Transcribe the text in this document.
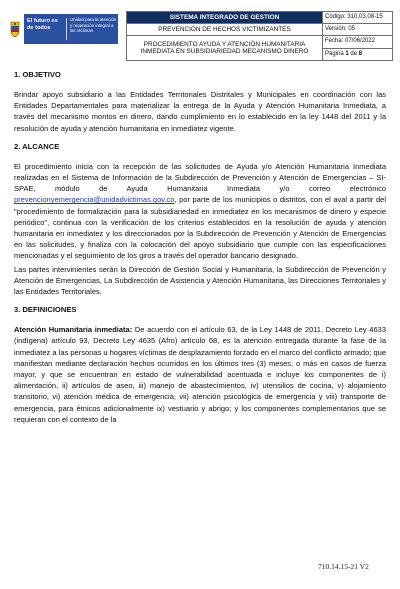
El futuro es de todos
Unidad para la atención y reparación integral a las víctimas
SISTEMA INTEGRADO DE GESTION	Código: 310,03,08-15
PREVENCIÓN DE HECHOS VICTIMIZANTES	Versión: 05
PROCEDIMIENTO AYUDA Y ATENCIÓN HUMANITARIA INMEDIATA EN SUBSIDIARIEDAD MECANISMO DINERO	Fecha: 07/06/2022
	Página 1 de 8
1. OBJETIVO

Brindar apoyo subsidiario a las Entidades Territoriales Distritales y Municipales en coordinación con las Entidades Departamentales para materializar la entrega de la Ayuda y Atención Humanitaria Inmediata, a través del mecanismo montos en dinero, dando cumplimiento en lo establecido en la ley 1448 del 2011 y la resolución de ayuda y atención humanitaria en inmediatez vigente.

2. ALCANCE

El procedimiento inicia con la recepción de las solicitudes de Ayuda y/o Atención Humanitaria Inmediata realizadas en el Sistema de Información de la Subdirección de Prevención y Atención de Emergencias – SI-SPAE, módulo de Ayuda Humanitaria Inmediata y/o correo electrónico prevencionyemergencia@unidadvictimas.gov.co, por parte de los municipios o distritos, con el aval a partir del "procedimiento de formalización para la subsidiariedad en inmediatez en los mecanismos de dinero y especie periódico", continua con la verificación de los criterios establecidos en la resolución de ayuda y atención humanitaria en inmediatez y los direccionados por la Subdirección de Prevención y Atención de Emergencias en las solicitudes, y finaliza con la colocación del apoyo subsidiario que cumple con las especificaciones mencionadas y el seguimiento de los giros a través del operador bancario designado.

Las partes intervinientes serán la Dirección de Gestión Social y Humanitaria, la Subdirección de Prevención y Atención de Emergencias, La Subdirección de Asistencia y Atención Humanitaria, las Direcciones Territoriales y las Entidades Territoriales.

3. DEFINICIONES

Atención Humanitaria inmediata: De acuerdo con el artículo 63, de la Ley 1448 de 2011, Decreto Ley 4633 (indígena) artículo 93, Decreto Ley 4635 (Afro) artículo 68, es la atención entregada durante la fase de la inmediatez a las personas u hogares víctimas de desplazamiento forzado en el marco del conflicto armado; que manifiestan mediante declaración hechos ocurridos en los últimos tres (3) meses, o más en casos de fuerza mayor, y que se encuentran en estado de vulnerabilidad acentuada e incluye los componentes de i) alimentación, ii) artículos de aseo, iii) manejo de abastecimientos, iv) utensilios de cocina, v) alojamiento transitorio, vi) atención médica de emergencia, vii) atención psicológica de emergencia y viii) transporte de emergencia, para étnicos adicionalmente ix) vestuario y abrigo; y los componentes complementarios que se requieran con el contexto de la

710.14.15-21 V2
